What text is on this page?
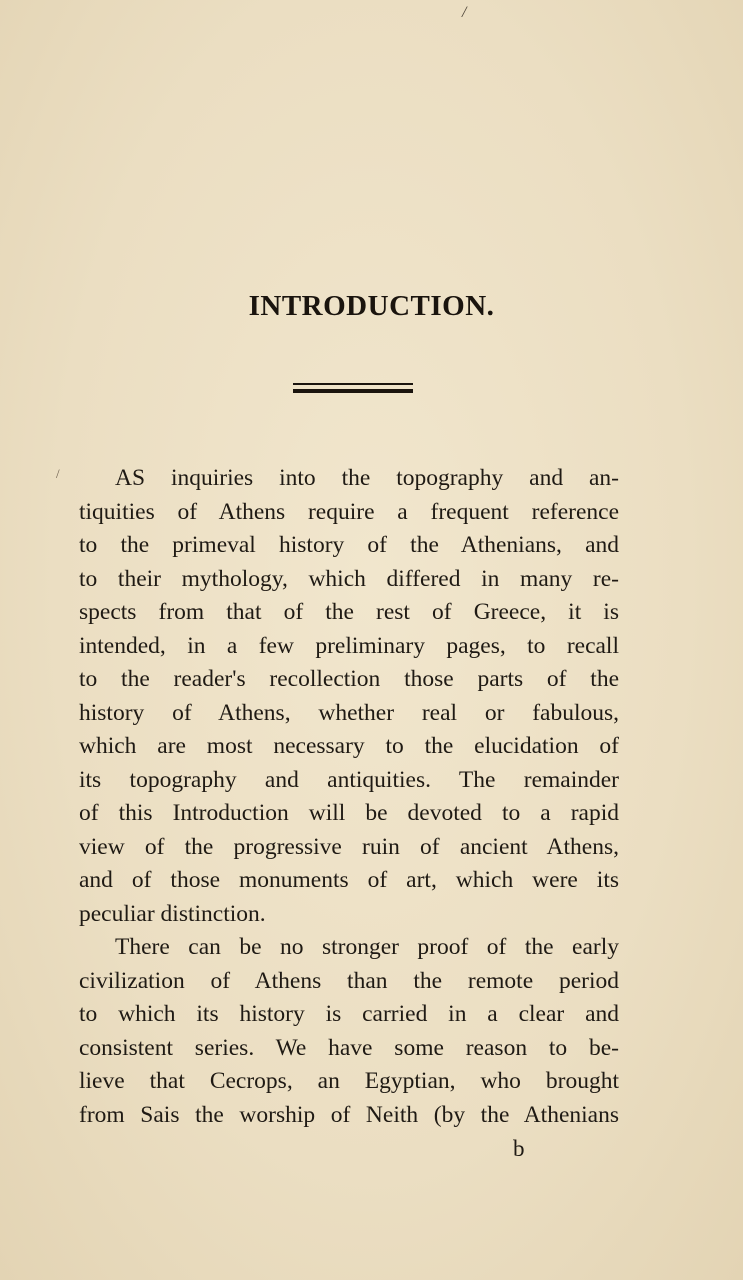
/
INTRODUCTION.
/	AS inquiries into the topography and an-
tiquities of Athens require a frequent reference
to the primeval history of the Athenians, and
to their mythology, which differed in many re-
spects from that of the rest of Greece, it is
intended, in a few preliminary pages, to recall
to the reader's recollection those parts of the
history of Athens, whether real or fabulous,
which are most necessary to the elucidation of
its topography and antiquities. The remainder
of this Introduction will be devoted to a rapid
view of the progressive ruin of ancient Athens,
and of those monuments of art, which were its
peculiar distinction.
There can be no stronger proof of the early
civilization of Athens than the remote period
to which its history is carried in a clear and
consistent series. We have some reason to be-
lieve that Cecrops, an Egyptian, who brought
from Sais the worship of Neith (by the Athenians
b
